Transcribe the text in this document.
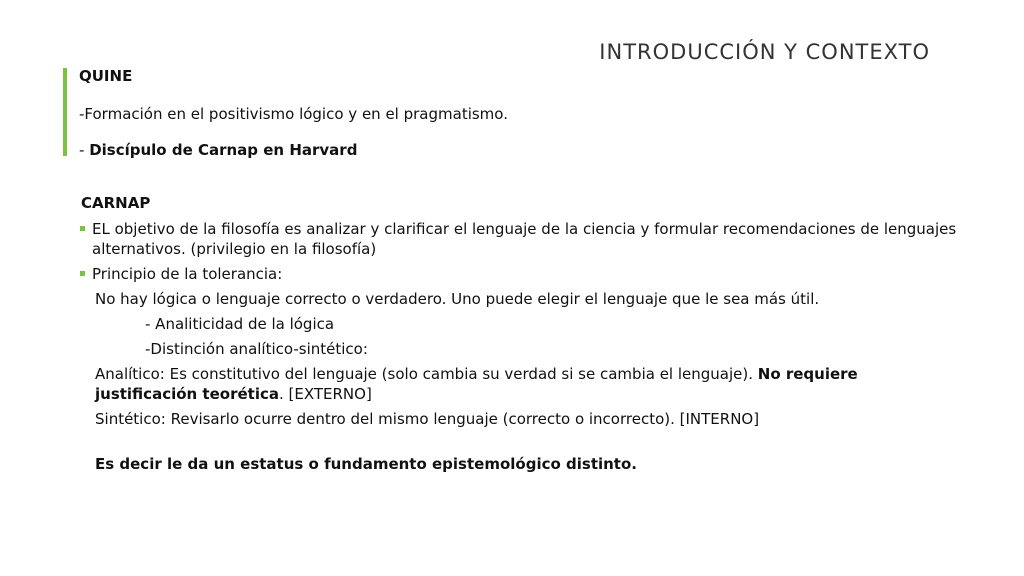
INTRODUCCIÓN Y CONTEXTO
QUINE
-Formación en el positivismo lógico y en el pragmatismo.
- Discípulo de Carnap en Harvard
CARNAP
EL objetivo de la filosofía es analizar y clarificar el lenguaje de la ciencia y formular recomendaciones de lenguajes alternativos. (privilegio en la filosofía)
Principio de la tolerancia:
No hay lógica o lenguaje correcto o verdadero. Uno puede elegir el lenguaje que le sea más útil.
- Analiticidad de la lógica
-Distinción analítico-sintético:
Analítico: Es constitutivo del lenguaje (solo cambia su verdad si se cambia el lenguaje). No requiere justificación teorética. [EXTERNO]
Sintético: Revisarlo ocurre dentro del mismo lenguaje (correcto o incorrecto). [INTERNO]
Es decir le da un estatus o fundamento epistemológico distinto.
